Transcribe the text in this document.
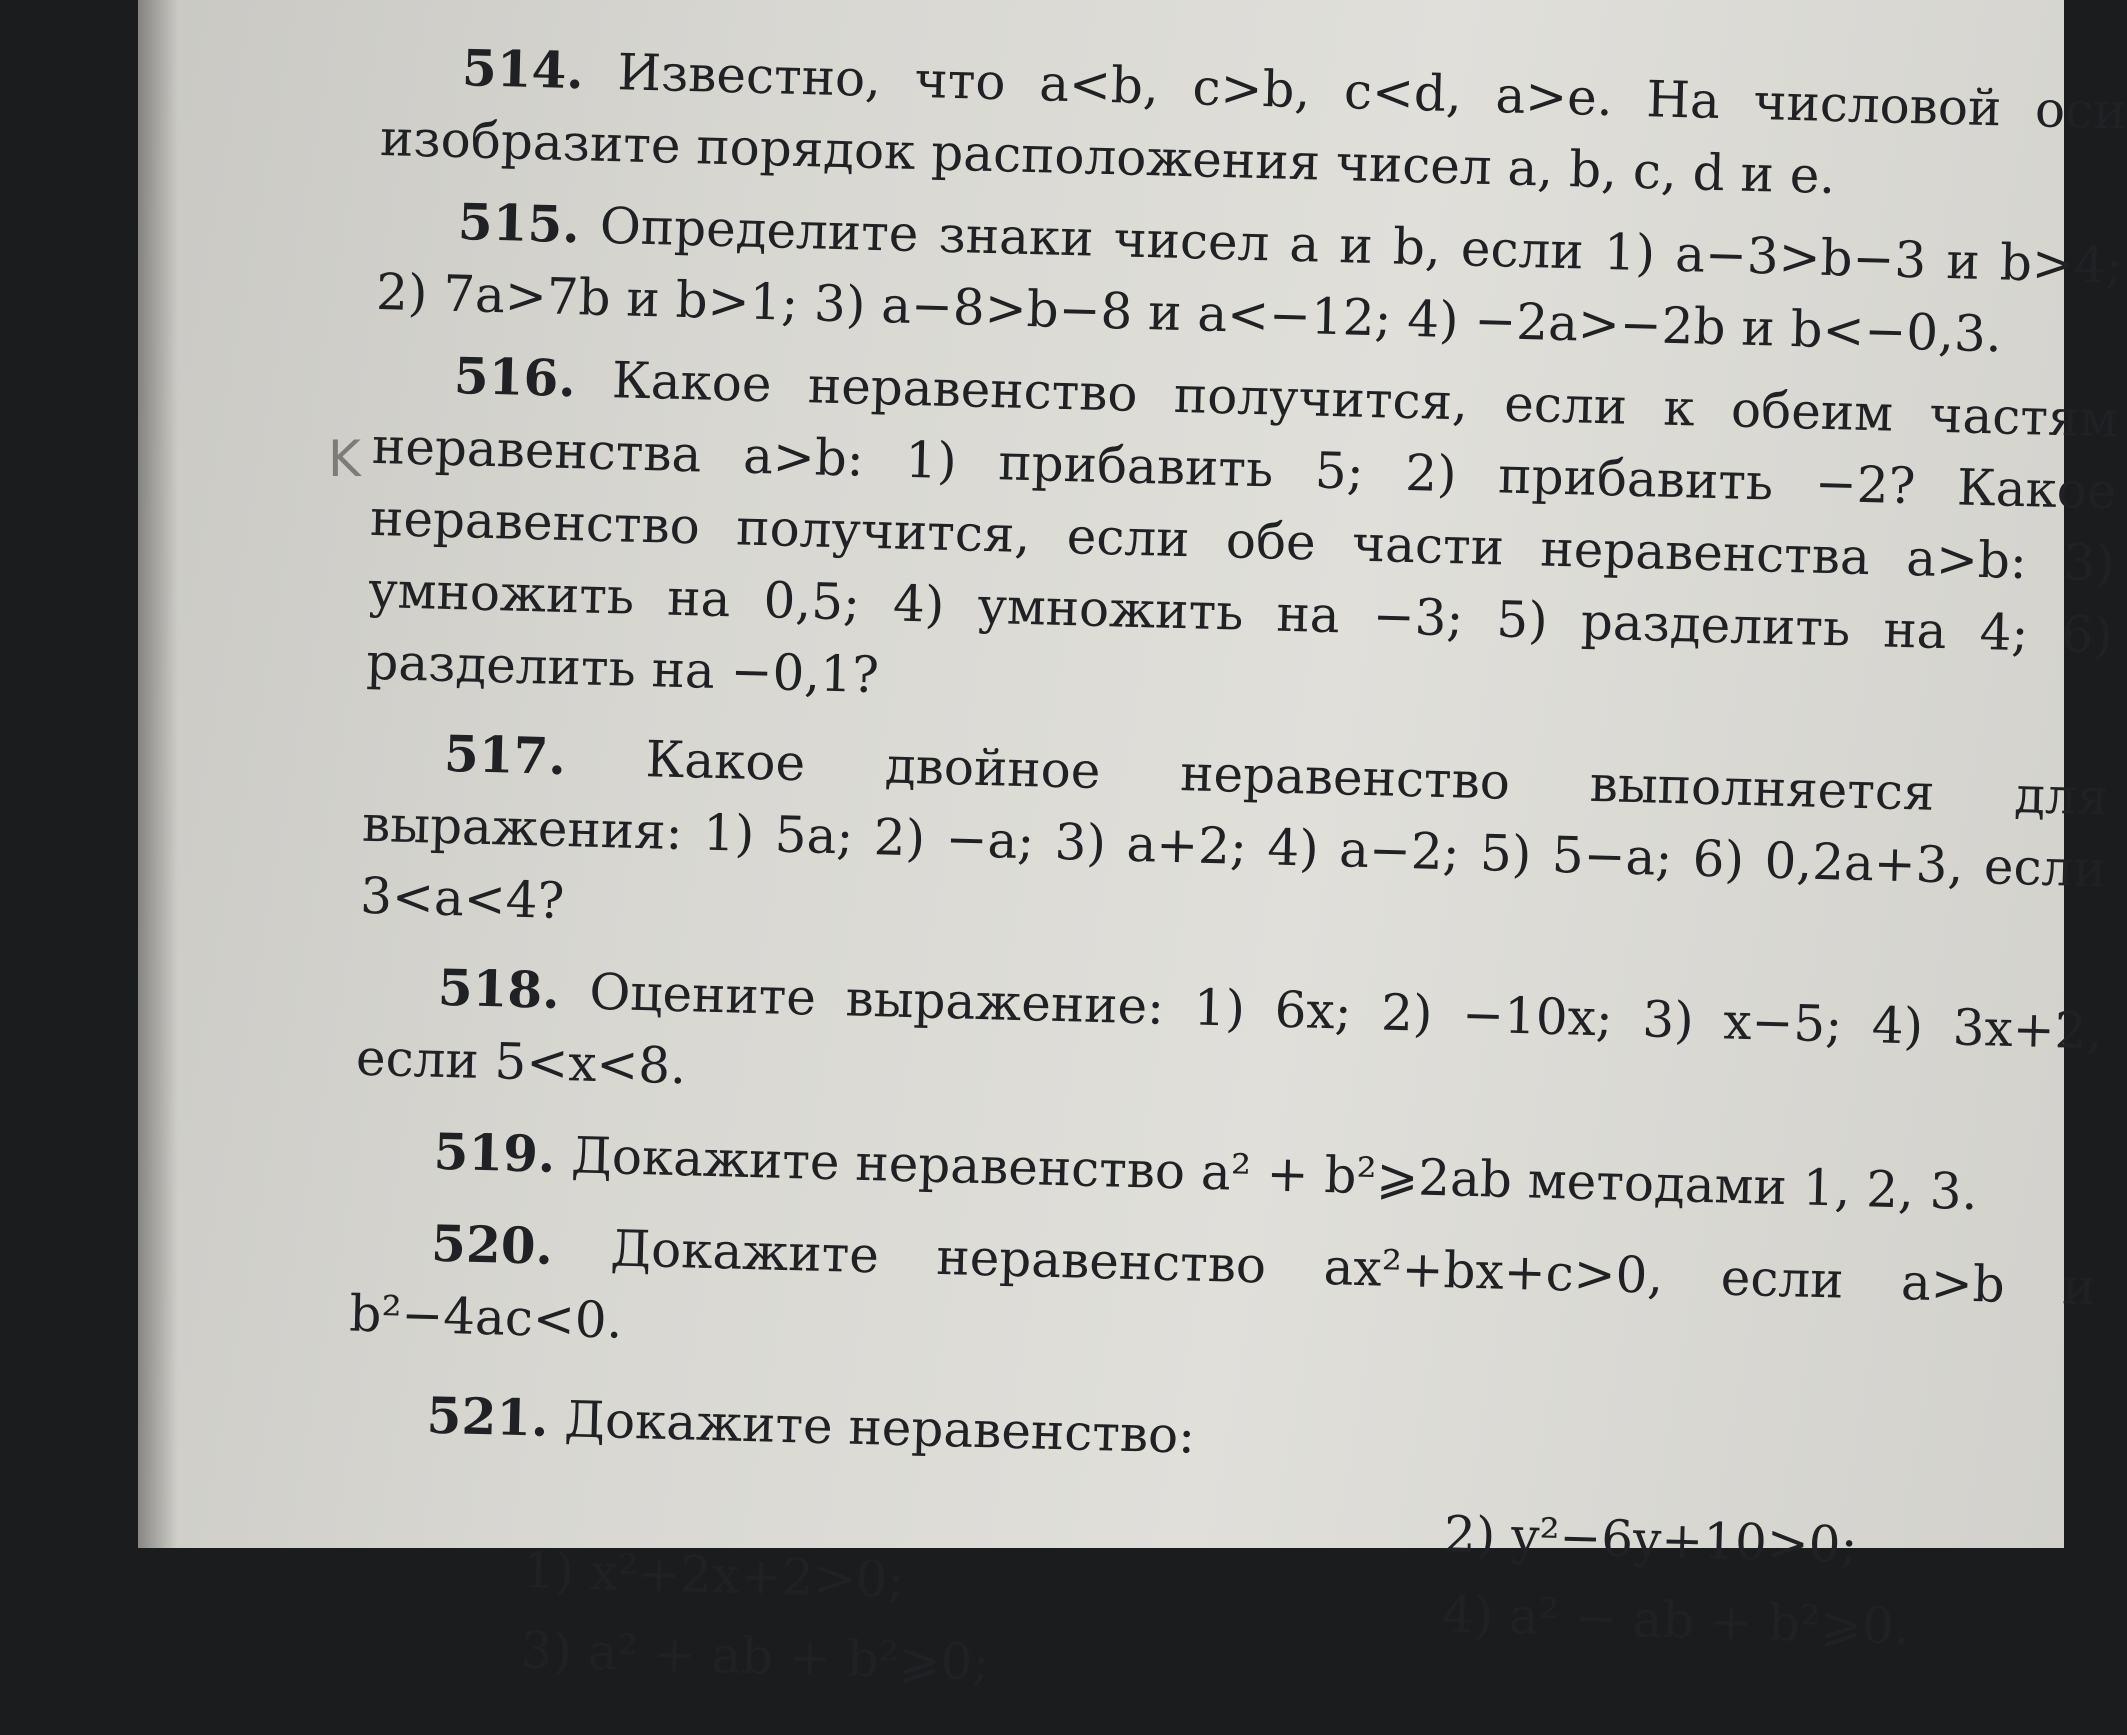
K

514. Известно, что a<b, c>b, c<d, a>e. На числовой оси изобразите порядок расположения чисел a, b, c, d и e.

515. Определите знаки чисел a и b, если 1) a−3>b−3 и b>4; 2) 7a>7b и b>1; 3) a−8>b−8 и a<−12; 4) −2a>−2b и b<−0,3.

516. Какое неравенство получится, если к обеим частям неравенства a>b: 1) прибавить 5; 2) прибавить −2? Какое неравенство получится, если обе части неравенства a>b: 3) умножить на 0,5; 4) умножить на −3; 5) разделить на 4; 6) разделить на −0,1?

517. Какое двойное неравенство выполняется для выражения: 1) 5a; 2) −a; 3) a+2; 4) a−2; 5) 5−a; 6) 0,2a+3, если 3<a<4?

518. Оцените выражение: 1) 6x; 2) −10x; 3) x−5; 4) 3x+2, если 5<x<8.

519. Докажите неравенство a² + b²⩾2ab методами 1, 2, 3.

520. Докажите неравенство ax²+bx+c>0, если a>b и b²−4ac<0.

521. Докажите неравенство:

1) x²+2x+2>0;
2) y²−6y+10>0;
3) a² + ab + b²⩾0;
4) a² − ab + b²⩾0.
